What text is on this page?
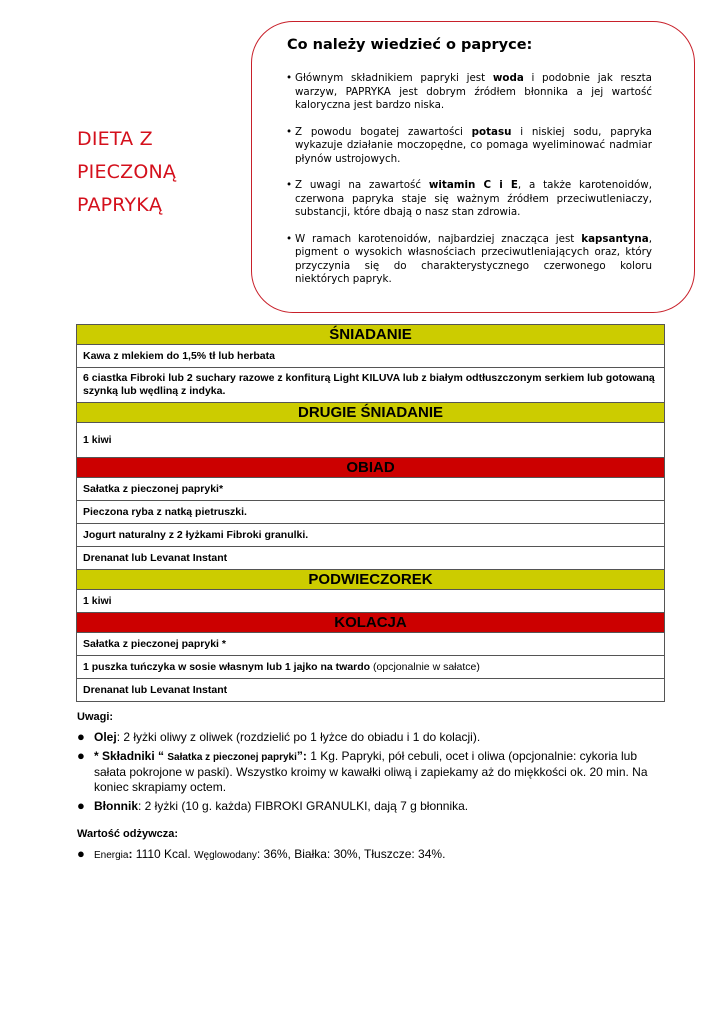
DIETA Z
PIECZONĄ
PAPRYKĄ
Co należy wiedzieć o papryce:
• Głównym składnikiem papryki jest woda i podobnie jak reszta warzyw, PAPRYKA jest dobrym źródłem błonnika a jej wartość kaloryczna jest bardzo niska.
• Z powodu bogatej zawartości potasu i niskiej sodu, papryka wykazuje działanie moczopędne, co pomaga wyeliminować nadmiar płynów ustrojowych.
• Z uwagi na zawartość witamin C i E, a także karotenoidów, czerwona papryka staje się ważnym źródłem przeciwutleniaczy, substancji, które dbają o nasz stan zdrowia.
• W ramach karotenoidów, najbardziej znacząca jest kapsantyna, pigment o wysokich własnościach przeciwutleniających oraz, który przyczynia się do charakterystycznego czerwonego koloru niektórych papryk.
ŚNIADANIE
Kawa z mlekiem do 1,5% tł lub herbata
6 ciastka Fibroki lub 2 suchary razowe z konfiturą Light KILUVA lub z białym odtłuszczonym serkiem lub gotowaną szynką lub wędliną z indyka.
DRUGIE ŚNIADANIE
1 kiwi
OBIAD
Sałatka z pieczonej papryki*
Pieczona ryba z natką pietruszki.
Jogurt naturalny z 2 łyżkami Fibroki granulki.
Drenanat lub Levanat Instant
PODWIECZOREK
1 kiwi
KOLACJA
Sałatka z pieczonej papryki *
1 puszka tuńczyka w sosie własnym lub 1 jajko na twardo (opcjonalnie w sałatce)
Drenanat lub Levanat Instant
Uwagi:
● Olej: 2 łyżki oliwy z oliwek (rozdzielić po 1 łyżce do obiadu i 1 do kolacji).
● * Składniki “ Sałatka z pieczonej papryki”: 1 Kg. Papryki, pół cebuli, ocet i oliwa (opcjonalnie: cykoria lub sałata pokrojone w paski). Wszystko kroimy w kawałki oliwą i zapiekamy aż do miękkości ok. 20 min. Na koniec skrapiamy octem.
● Błonnik: 2 łyżki (10 g. każda) FIBROKI GRANULKI, dają 7 g błonnika.
Wartość odżywcza:
● Energia: 1110 Kcal. Węglowodany: 36%, Białka: 30%, Tłuszcze: 34%.
